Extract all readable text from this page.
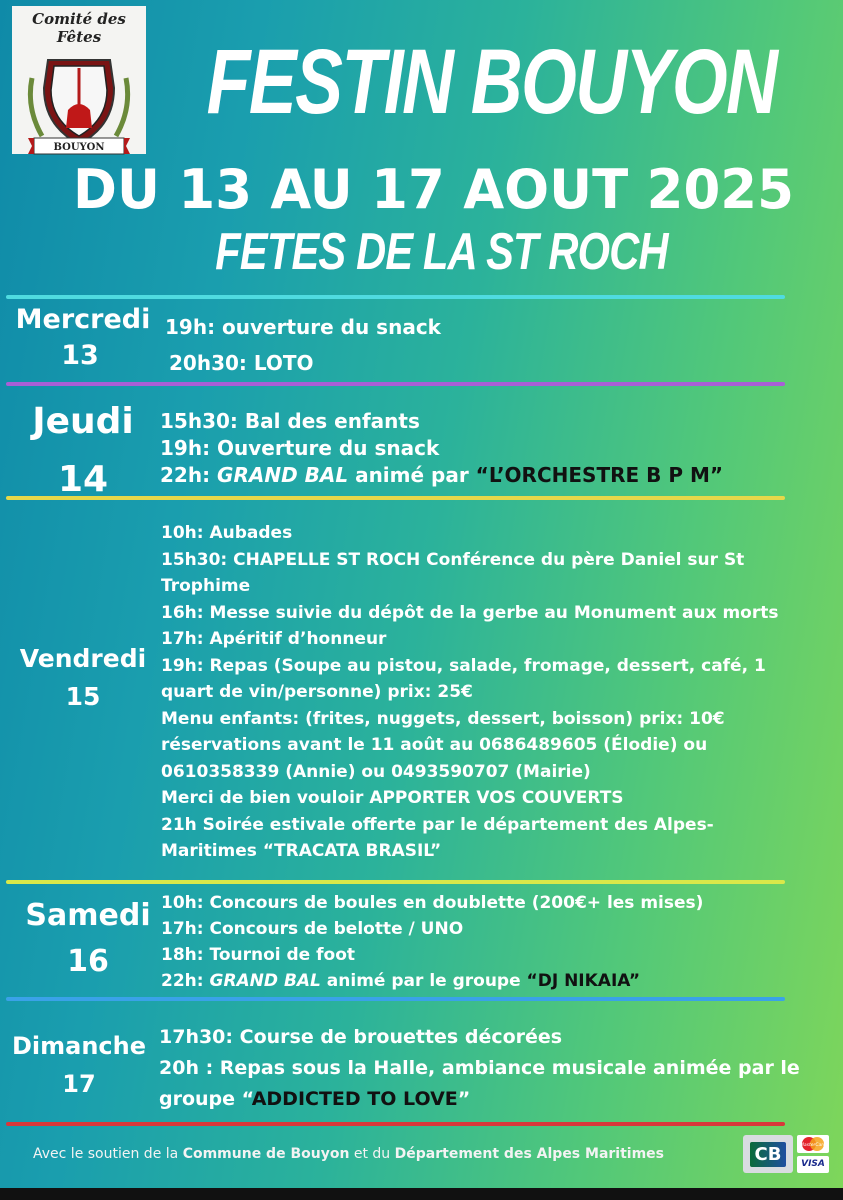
Comité des Fêtes
BOUYON
FESTIN BOUYON
DU 13 AU 17 AOUT 2025
FETES DE LA ST ROCH
Mercredi
13
19h: ouverture du snack
20h30: LOTO
Jeudi
14
15h30: Bal des enfants
19h: Ouverture du snack
22h: GRAND BAL animé par “L’ORCHESTRE B P M”
Vendredi
15
10h: Aubades
15h30: CHAPELLE ST ROCH Conférence du père Daniel sur St
Trophime
16h: Messe suivie du dépôt de la gerbe au Monument aux morts
17h: Apéritif d’honneur
19h: Repas (Soupe au pistou, salade, fromage, dessert, café, 1
quart de vin/personne) prix: 25€
Menu enfants: (frites, nuggets, dessert, boisson) prix: 10€
réservations avant le 11 août au 0686489605 (Élodie) ou
0610358339 (Annie) ou 0493590707 (Mairie)
Merci de bien vouloir APPORTER VOS COUVERTS
21h Soirée estivale offerte par le département des Alpes-
Maritimes “TRACATA BRASIL”
Samedi
16
10h: Concours de boules en doublette (200€+ les mises)
17h: Concours de belotte / UNO
18h: Tournoi de foot
22h: GRAND BAL animé par le groupe “DJ NIKAIA”
Dimanche
17
17h30: Course de brouettes décorées
20h : Repas sous la Halle, ambiance musicale animée par le
groupe “ADDICTED TO LOVE”
Avec le soutien de la Commune de Bouyon et du Département des Alpes Maritimes	CB	MasterCard
VISA
